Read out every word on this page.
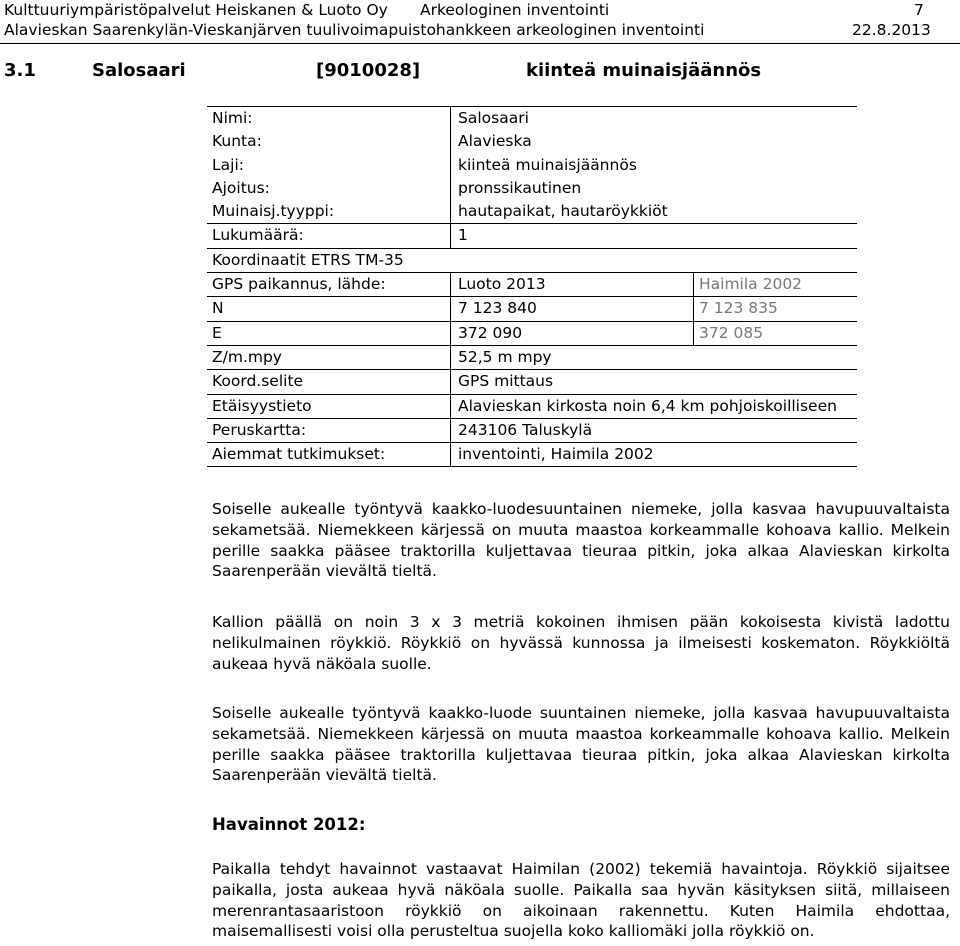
Kulttuuriympäristöpalvelut Heiskanen & Luoto Oy Arkeologinen inventointi	7
Alavieskan Saarenkylän-Vieskanjärven tuulivoimapuistohankkeen arkeologinen inventointi	22.8.2013
3.1	Salosaari	[9010028]	kiinteä muinaisjäännös
Nimi:	Salosaari
Kunta:	Alavieska
Laji:	kiinteä muinaisjäännös
Ajoitus:	pronssikautinen
Muinaisj.tyyppi:	hautapaikat, hautaröykkiöt
Lukumäärä:	1
Koordinaatit ETRS TM-35
GPS paikannus, lähde:	Luoto 2013	Haimila 2002
N	7 123 840	7 123 835
E	372 090	372 085
Z/m.mpy	52,5 m mpy
Koord.selite	GPS mittaus
Etäisyystieto	Alavieskan kirkosta noin 6,4 km pohjoiskoilliseen
Peruskartta:	243106 Taluskylä
Aiemmat tutkimukset:	inventointi, Haimila 2002
Soiselle aukealle työntyvä kaakko-luodesuuntainen niemeke, jolla kasvaa havupuuvaltaista sekametsää. Niemekkeen kärjessä on muuta maastoa korkeammalle kohoava kallio. Melkein perille saakka pääsee traktorilla kuljettavaa tieuraa pitkin, joka alkaa Alavieskan kirkolta Saarenperään vievältä tieltä.
Kallion päällä on noin 3 x 3 metriä kokoinen ihmisen pään kokoisesta kivistä ladottu nelikulmainen röykkiö. Röykkiö on hyvässä kunnossa ja ilmeisesti koskematon. Röykkiöltä aukeaa hyvä näköala suolle.
Soiselle aukealle työntyvä kaakko-luode suuntainen niemeke, jolla kasvaa havupuuvaltaista sekametsää. Niemekkeen kärjessä on muuta maastoa korkeammalle kohoava kallio. Melkein perille saakka pääsee traktorilla kuljettavaa tieuraa pitkin, joka alkaa Alavieskan kirkolta Saarenperään vievältä tieltä.
Havainnot 2012:
Paikalla tehdyt havainnot vastaavat Haimilan (2002) tekemiä havaintoja. Röykkiö sijaitsee paikalla, josta aukeaa hyvä näköala suolle. Paikalla saa hyvän käsityksen siitä, millaiseen merenrantasaaristoon röykkiö on aikoinaan rakennettu. Kuten Haimila ehdottaa, maisemallisesti voisi olla perusteltua suojella koko kalliomäki jolla röykkiö on.
